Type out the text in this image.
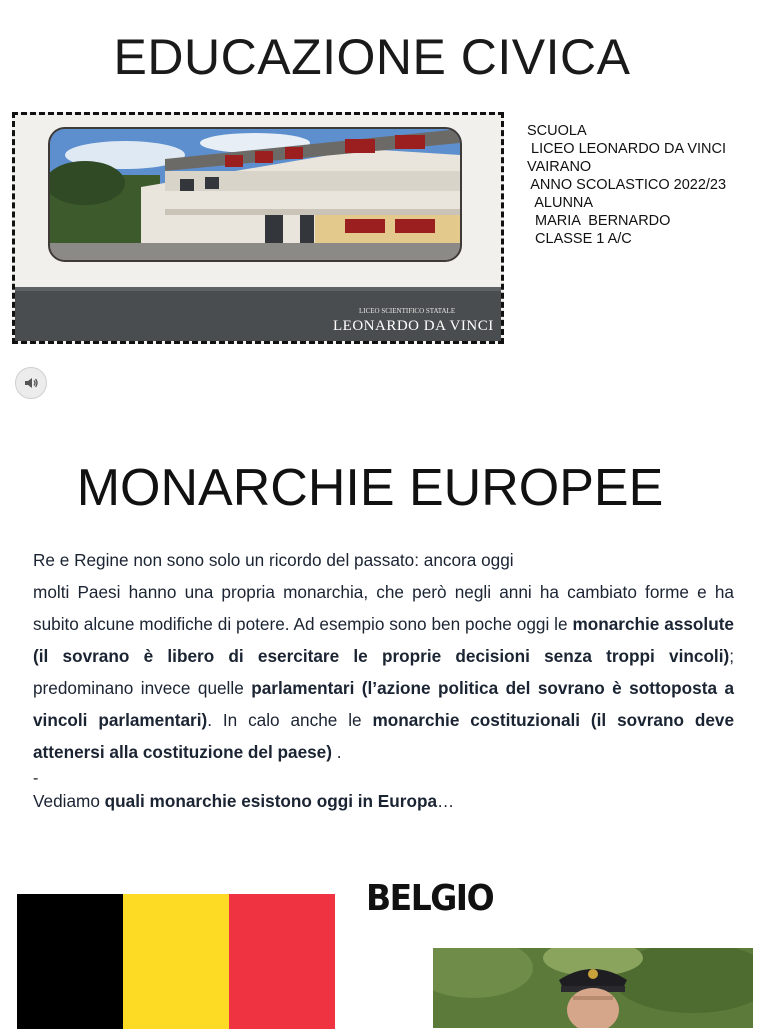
EDUCAZIONE CIVICA
LICEO SCIENTIFICO STATALE
LEONARDO DA VINCI
SCUOLA
LICEO LEONARDO DA VINCI
VAIRANO
ANNO SCOLASTICO 2022/23
ALUNNA
MARIA  BERNARDO
CLASSE 1 A/C
MONARCHIE EUROPEE

Re e Regine non sono solo un ricordo del passato: ancora oggi

molti Paesi hanno una propria monarchia, che però negli anni ha cambiato forme e ha subito alcune modifiche di potere. Ad esempio sono ben poche oggi le monarchie assolute (il sovrano è libero di esercitare le proprie decisioni senza troppi vincoli); predominano invece quelle parlamentari (l’azione politica del sovrano è sottoposta a vincoli parlamentari). In calo anche le monarchie costituzionali (il sovrano deve attenersi alla costituzione del paese) .

-
Vediamo quali monarchie esistono oggi in Europa…
BELGIO
